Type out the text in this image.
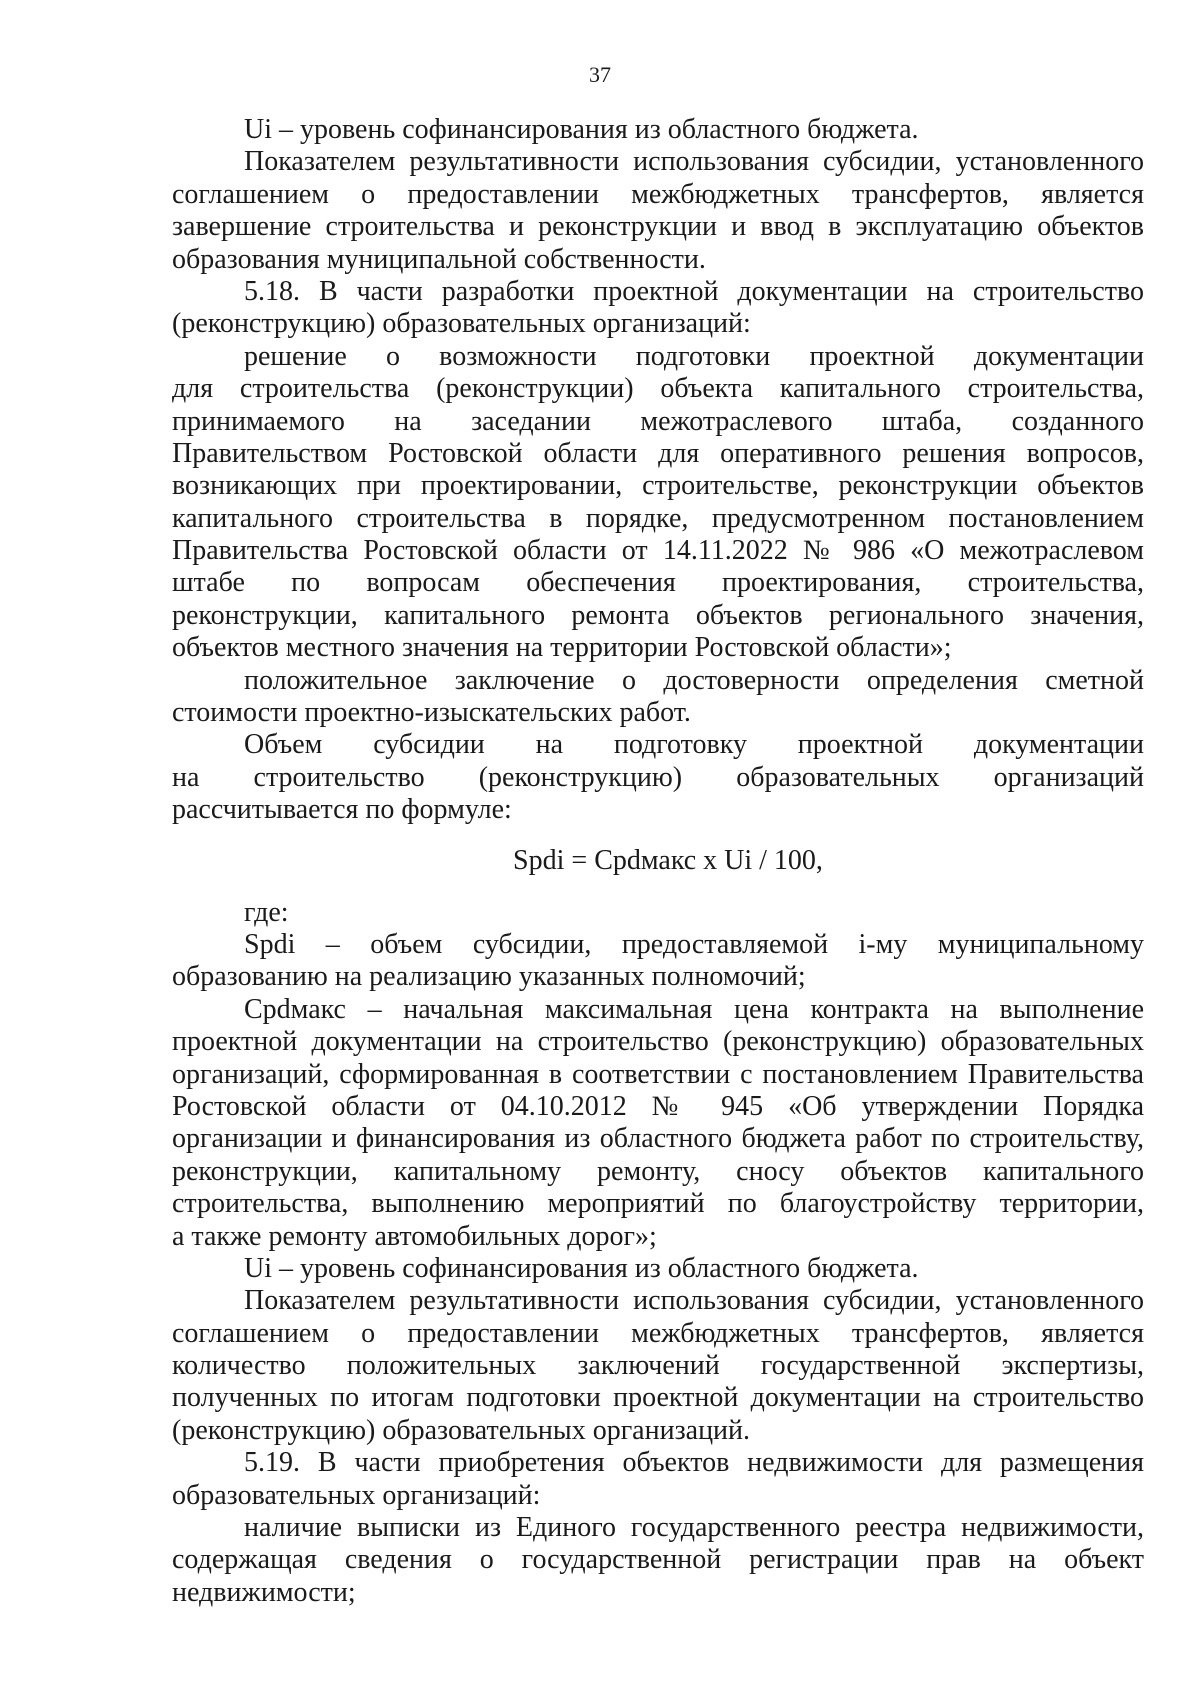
37
Ui – уровень софинансирования из областного бюджета.
Показателем результативности использования субсидии, установленного
соглашением о предоставлении межбюджетных трансфертов, является
завершение строительства и реконструкции и ввод в эксплуатацию объектов
образования муниципальной собственности.
5.18. В части разработки проектной документации на строительство
(реконструкцию) образовательных организаций:
решение о возможности подготовки проектной документации
для строительства (реконструкции) объекта капитального строительства,
принимаемого на заседании межотраслевого штаба, созданного
Правительством Ростовской области для оперативного решения вопросов,
возникающих при проектировании, строительстве, реконструкции объектов
капитального строительства в порядке, предусмотренном постановлением
Правительства Ростовской области от 14.11.2022 № 986 «О межотраслевом
штабе по вопросам обеспечения проектирования, строительства,
реконструкции, капитального ремонта объектов регионального значения,
объектов местного значения на территории Ростовской области»;
положительное заключение о достоверности определения сметной
стоимости проектно-изыскательских работ.
Объем субсидии на подготовку проектной документации
на строительство (реконструкцию) образовательных организаций
рассчитывается по формуле:
Spdi = Cpdмакс x Ui / 100,
где:
Spdi – объем субсидии, предоставляемой i-му муниципальному
образованию на реализацию указанных полномочий;
Cpdмакс – начальная максимальная цена контракта на выполнение
проектной документации на строительство (реконструкцию) образовательных
организаций, сформированная в соответствии с постановлением Правительства
Ростовской области от 04.10.2012 № 945 «Об утверждении Порядка
организации и финансирования из областного бюджета работ по строительству,
реконструкции, капитальному ремонту, сносу объектов капитального
строительства, выполнению мероприятий по благоустройству территории,
а также ремонту автомобильных дорог»;
Ui – уровень софинансирования из областного бюджета.
Показателем результативности использования субсидии, установленного
соглашением о предоставлении межбюджетных трансфертов, является
количество положительных заключений государственной экспертизы,
полученных по итогам подготовки проектной документации на строительство
(реконструкцию) образовательных организаций.
5.19. В части приобретения объектов недвижимости для размещения
образовательных организаций:
наличие выписки из Единого государственного реестра недвижимости,
содержащая сведения о государственной регистрации прав на объект
недвижимости;
